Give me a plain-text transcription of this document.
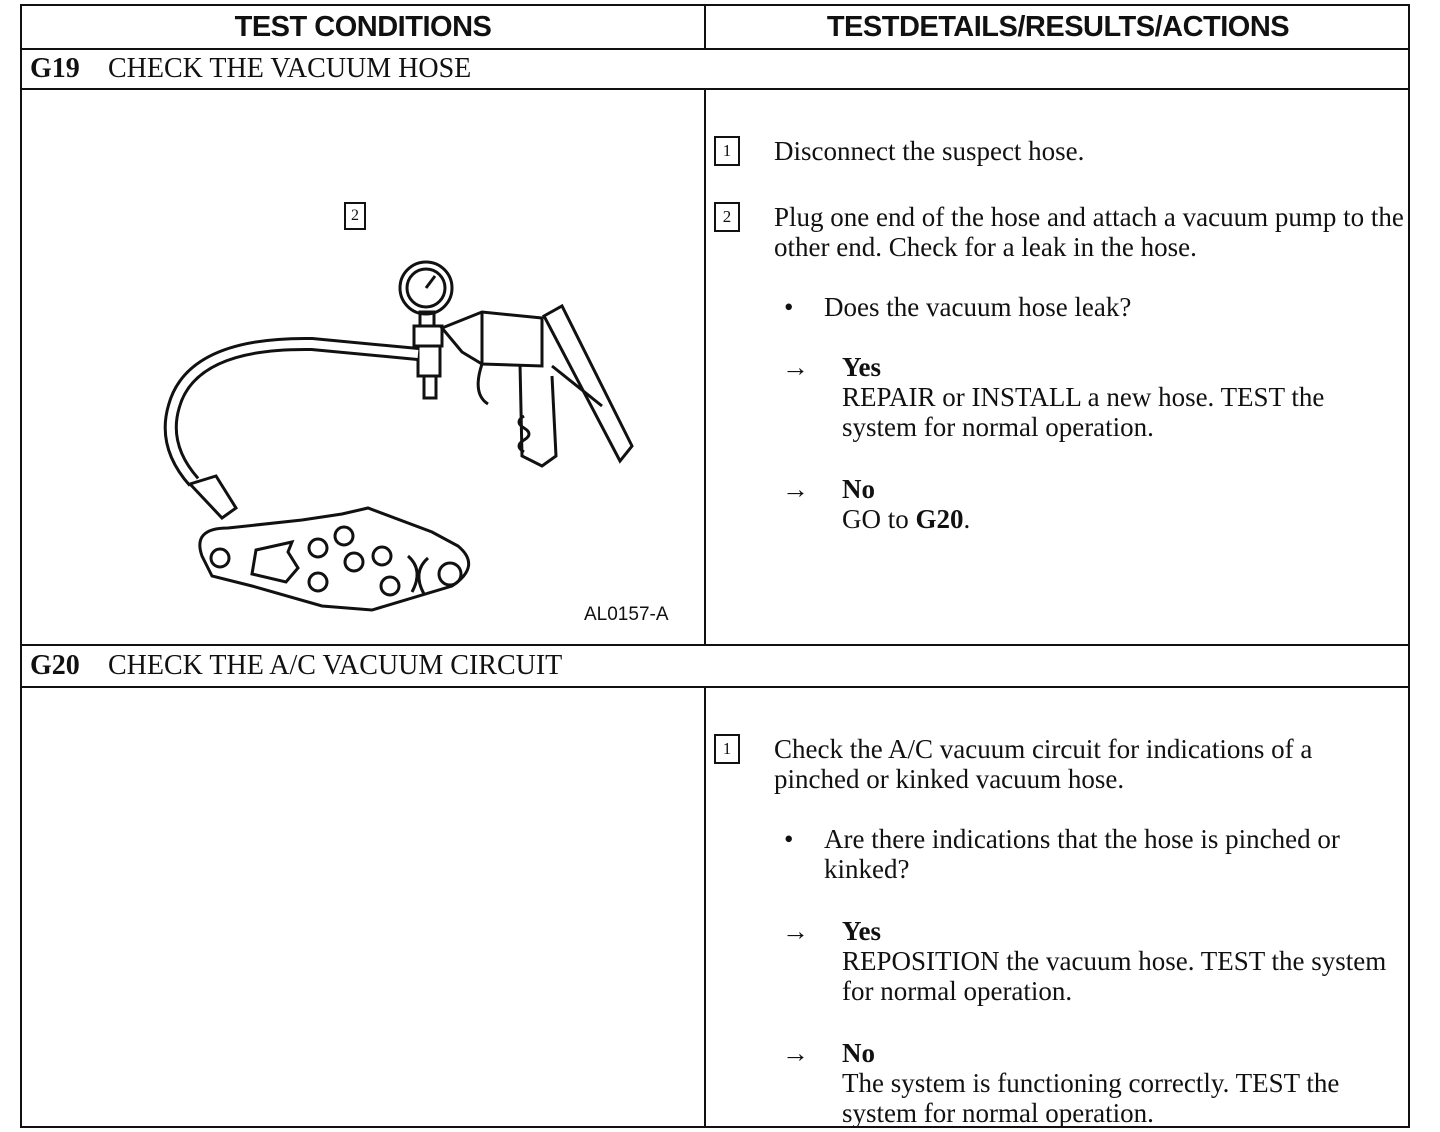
TEST CONDITIONS	TESTDETAILS/RESULTS/ACTIONS
G19	CHECK THE VACUUM HOSE
2
AL0157-A
1	Disconnect the suspect hose.
2	Plug one end of the hose and attach a vacuum pump to the other end. Check for a leak in the hose.
•	Does the vacuum hose leak?
→ Yes
REPAIR or INSTALL a new hose. TEST the system for normal operation.
→ No
GO to G20.
G20	CHECK THE A/C VACUUM CIRCUIT
1	Check the A/C vacuum circuit for indications of a pinched or kinked vacuum hose.
•	Are there indications that the hose is pinched or kinked?
→ Yes
REPOSITION the vacuum hose. TEST the system for normal operation.
→ No
The system is functioning correctly. TEST the system for normal operation.
